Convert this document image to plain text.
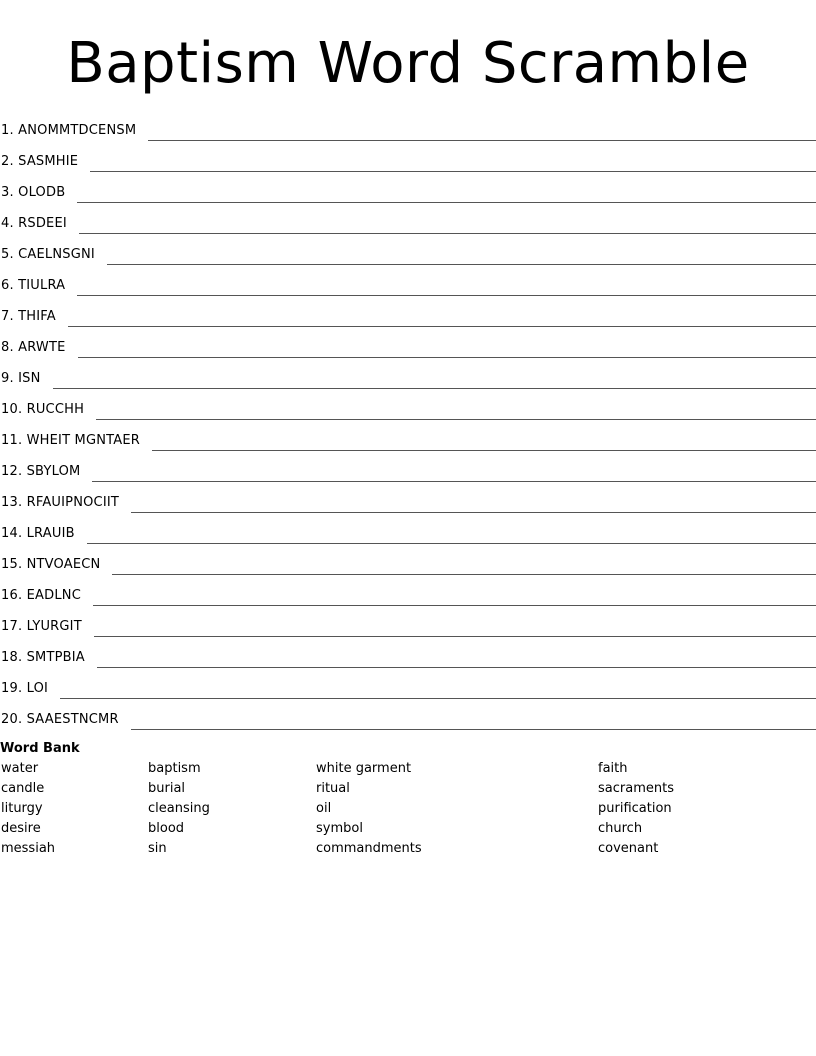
Baptism Word Scramble
1. ANOMMTDCENSM
2. SASMHIE
3. OLODB
4. RSDEEI
5. CAELNSGNI
6. TIULRA
7. THIFA
8. ARWTE
9. ISN
10. RUCCHH
11. WHEIT MGNTAER
12. SBYLOM
13. RFAUIPNOCIIT
14. LRAUIB
15. NTVOAECN
16. EADLNC
17. LYURGIT
18. SMTPBIA
19. LOI
20. SAAESTNCMR
Word Bank
water	baptism	white garment	faith
candle	burial	ritual	sacraments
liturgy	cleansing	oil	purification
desire	blood	symbol	church
messiah	sin	commandments	covenant
